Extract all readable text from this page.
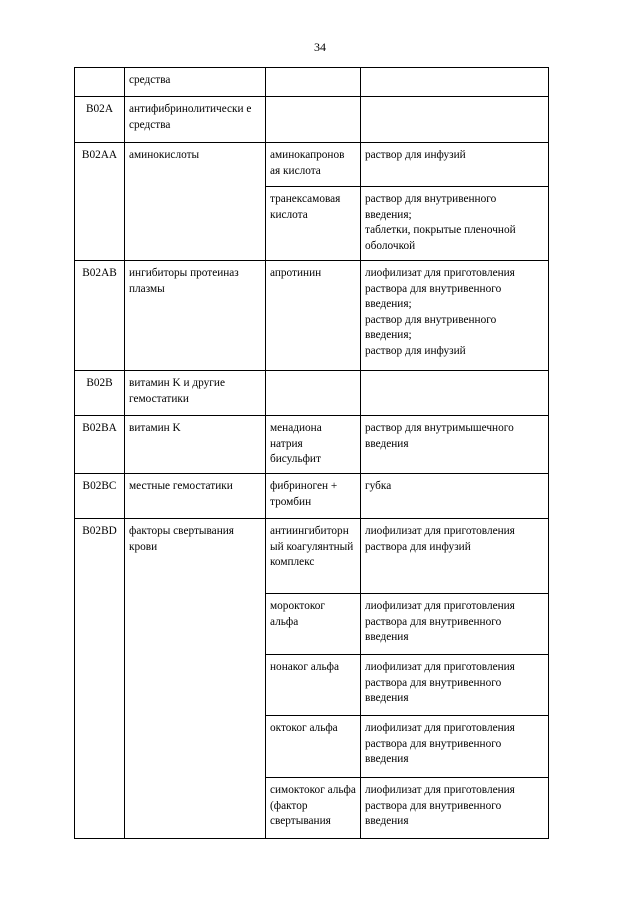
34
	средства		
B02A	антифибринолитически е средства		
B02AA	аминокислоты	аминокапронов ая кислота	раствор для инфузий

		транексамовая кислота	раствор для внутривенного введения;
таблетки, покрытые пленочной оболочкой

B02AB	ингибиторы протеиназ плазмы	апротинин	лиофилизат для приготовления раствора для внутривенного введения;
раствор для внутривенного введения;
раствор для инфузий

B02B	витамин K и другие гемостатики		
B02BA	витамин K	менадиона натрия бисульфит	раствор для внутримышечного введения

B02BC	местные гемостатики	фибриноген + тромбин	губка

B02BD	факторы свертывания крови	антиингибиторн ый коагулянтный комплекс	лиофилизат для приготовления раствора для инфузий

		мороктоког альфа	лиофилизат для приготовления раствора для внутривенного введения

		нонаког альфа	лиофилизат для приготовления раствора для внутривенного введения

		октоког альфа	лиофилизат для приготовления раствора для внутривенного введения

		симоктоког альфа (фактор свертывания	лиофилизат для приготовления раствора для внутривенного введения
